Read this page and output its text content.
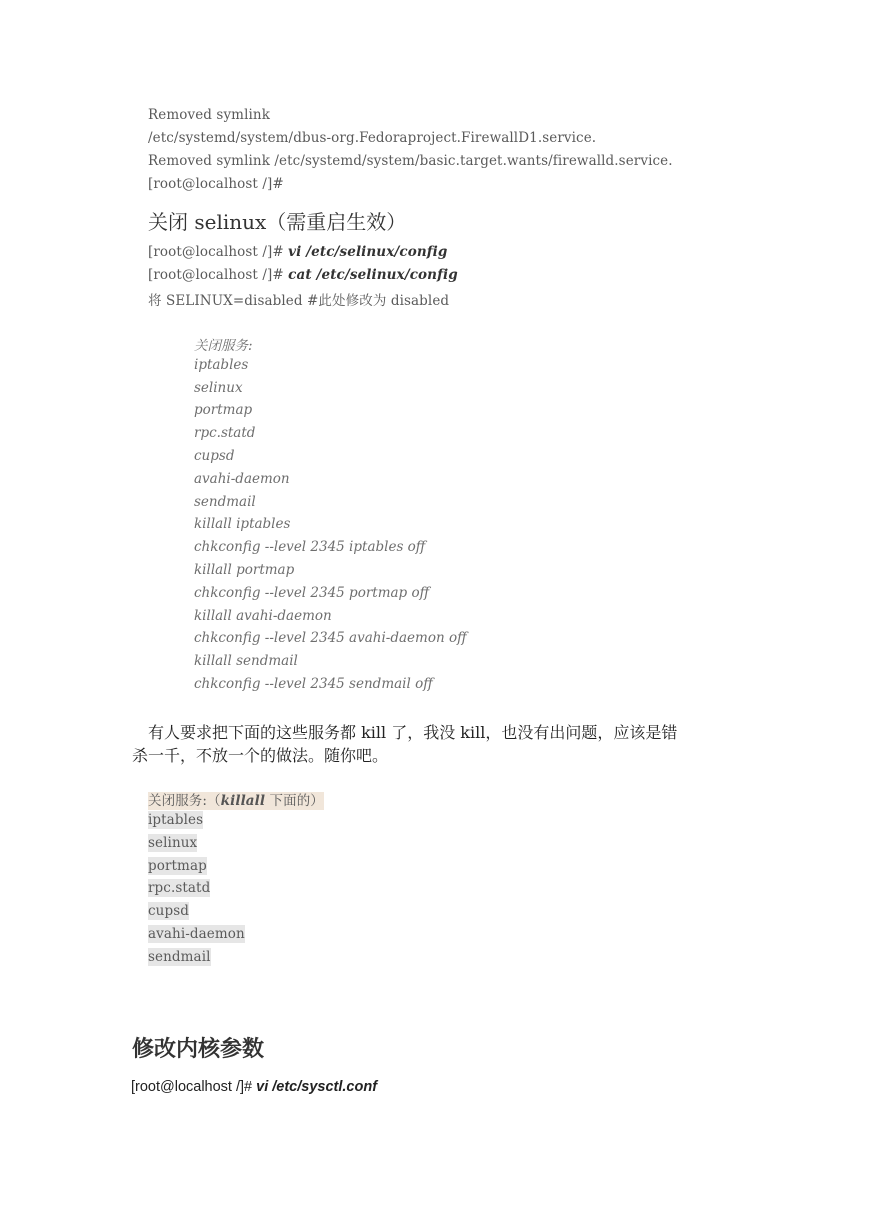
Removed symlink
/etc/systemd/system/dbus-org.Fedoraproject.FirewallD1.service.
Removed symlink /etc/systemd/system/basic.target.wants/firewalld.service.
[root@localhost /]#
关闭 selinux（需重启生效）
[root@localhost /]# vi /etc/selinux/config
[root@localhost /]# cat /etc/selinux/config
将 SELINUX=disabled #此处修改为 disabled
关闭服务:
iptables
selinux
portmap
rpc.statd
cupsd
avahi-daemon
sendmail
killall iptables
chkconfig --level 2345 iptables off
killall portmap
chkconfig --level 2345 portmap off
killall avahi-daemon
chkconfig --level 2345 avahi-daemon off
killall sendmail
chkconfig --level 2345 sendmail off
有人要求把下面的这些服务都 kill 了，我没 kill，也没有出问题，应该是错
杀一千，不放一个的做法。随你吧。
关闭服务:（killall 下面的）
iptables
selinux
portmap
rpc.statd
cupsd
avahi-daemon
sendmail
修改内核参数
[root@localhost /]# vi /etc/sysctl.conf
